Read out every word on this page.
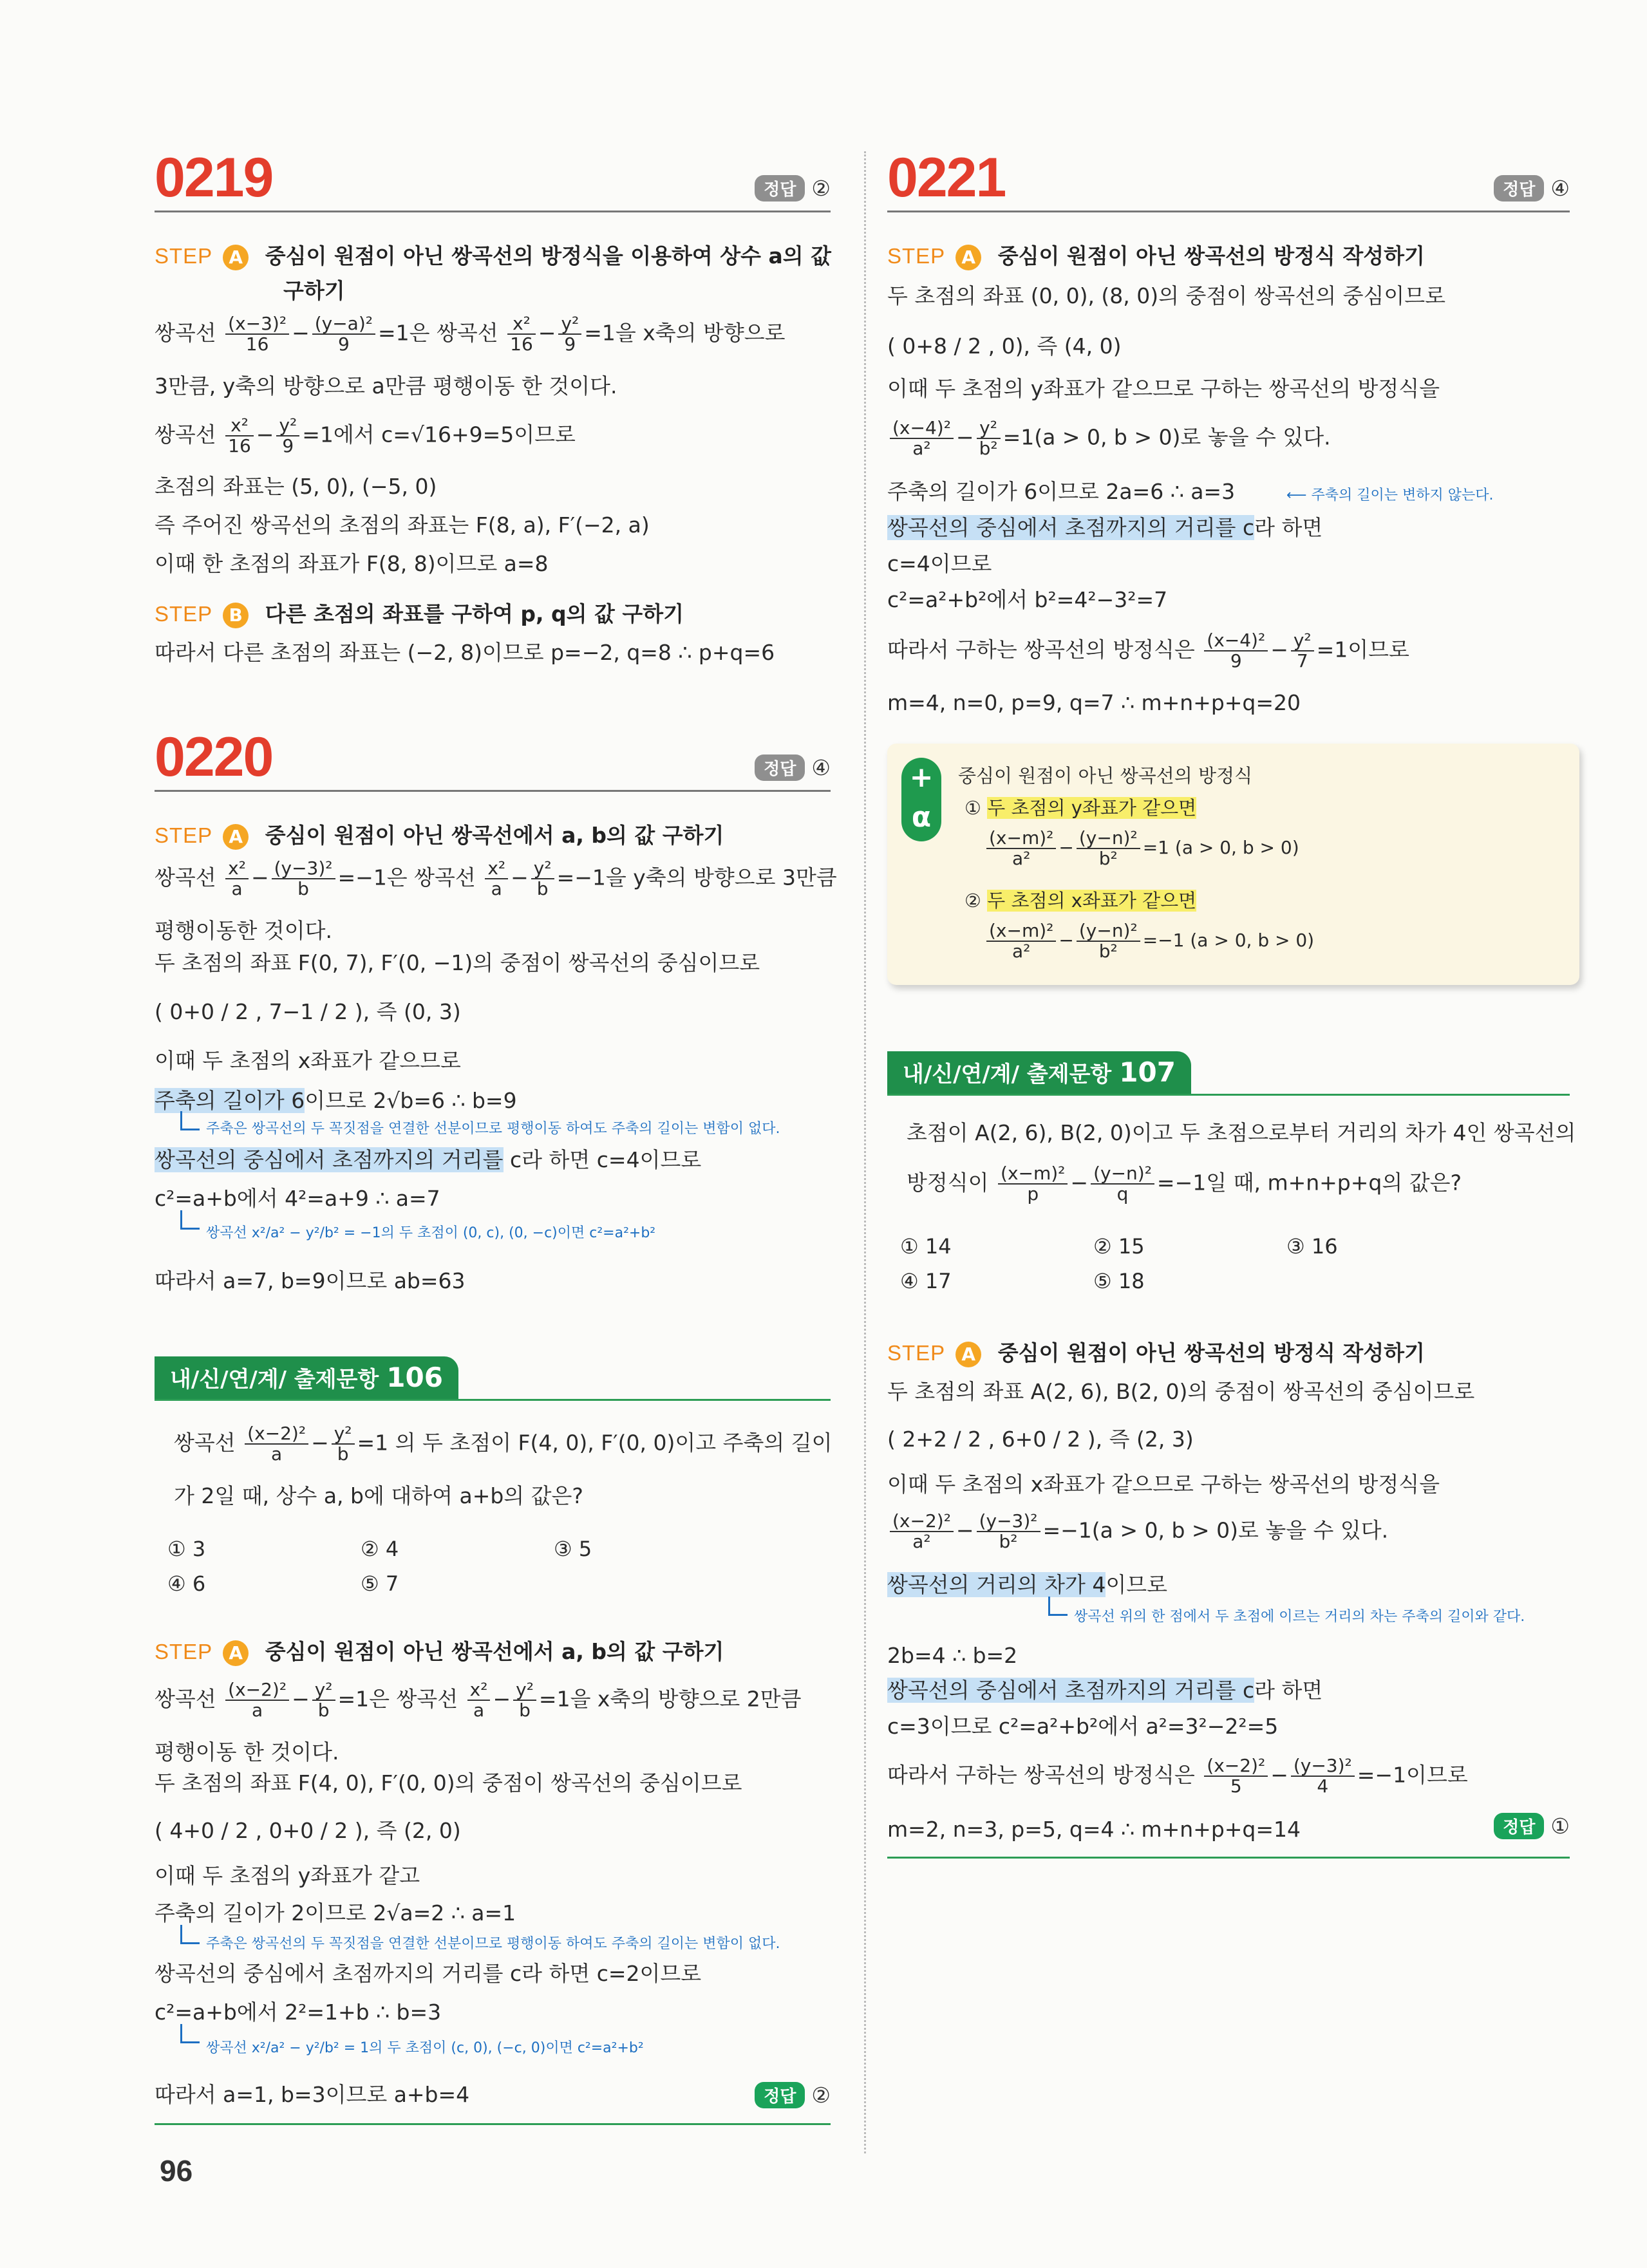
0219	정답 ②
STEP A 중심이 원점이 아닌 쌍곡선의 방정식을 이용하여 상수 a의 값
구하기
쌍곡선 $\frac{\text{(x−3)²}}{16} - \frac{\text{(y−a)²}}{9} =1$은 쌍곡선 $\frac{\text{x²}}{16} - \frac{\text{y²}}{9} =1$을 x축의 방향으로
3만큼, y축의 방향으로 a만큼 평행이동 한 것이다.
쌍곡선 $\frac{\text{x²}}{16} - \frac{\text{y²}}{9} =1$에서 c=√16+9=5이므로
초점의 좌표는 (5, 0), (−5, 0)
즉 주어진 쌍곡선의 초점의 좌표는 F(8, a), F′(−2, a)
이때 한 초점의 좌표가 F(8, 8)이므로 a=8
STEP B 다른 초점의 좌표를 구하여 p, q의 값 구하기
따라서 다른 초점의 좌표는 (−2, 8)이므로 p=−2, q=8 ∴ p+q=6
0220	정답 ④
STEP A 중심이 원점이 아닌 쌍곡선에서 a, b의 값 구하기
쌍곡선 $\frac{\text{x²}}{a} - \frac{\text{(y−3)²}}{b} =-1$은 쌍곡선 $\frac{\text{x²}}{a} - \frac{\text{y²}}{b} =-1$을 y축의 방향으로 3만큼
평행이동한 것이다.
두 초점의 좌표 F(0, 7), F′(0, −1)의 중점이 쌍곡선의 중심이므로
( 0+0 / 2 , 7−1 / 2 ), 즉 (0, 3)
이때 두 초점의 x좌표가 같으므로
주축의 길이가 6이므로 2√b=6 ∴ b=9
주축은 쌍곡선의 두 꼭짓점을 연결한 선분이므로 평행이동 하여도 주축의 길이는 변함이 없다.
쌍곡선의 중심에서 초점까지의 거리를 c라 하면 c=4이므로
c²=a+b에서 4²=a+9 ∴ a=7
쌍곡선 x²/a² − y²/b² = −1의 두 초점이 (0, c), (0, −c)이면 c²=a²+b²
따라서 a=7, b=9이므로 ab=63
내/신/연/계/ 출제문항 106
쌍곡선 $\frac{\text{(x−2)²}}{a} - \frac{\text{y²}}{b} =1$ 의 두 초점이 F(4, 0), F′(0, 0)이고 주축의 길이
가 2일 때, 상수 a, b에 대하여 a+b의 값은?
① 3	② 4	③ 5
④ 6	⑤ 7
STEP A 중심이 원점이 아닌 쌍곡선에서 a, b의 값 구하기
쌍곡선 $\frac{\text{(x−2)²}}{a} - \frac{\text{y²}}{b} =1$은 쌍곡선 $\frac{\text{x²}}{a} - \frac{\text{y²}}{b} =1$을 x축의 방향으로 2만큼
평행이동 한 것이다.
두 초점의 좌표 F(4, 0), F′(0, 0)의 중점이 쌍곡선의 중심이므로
( 4+0 / 2 , 0+0 / 2 ), 즉 (2, 0)
이때 두 초점의 y좌표가 같고
주축의 길이가 2이므로 2√a=2 ∴ a=1
주축은 쌍곡선의 두 꼭짓점을 연결한 선분이므로 평행이동 하여도 주축의 길이는 변함이 없다.
쌍곡선의 중심에서 초점까지의 거리를 c라 하면 c=2이므로
c²=a+b에서 2²=1+b ∴ b=3
쌍곡선 x²/a² − y²/b² = 1의 두 초점이 (c, 0), (−c, 0)이면 c²=a²+b²
따라서 a=1, b=3이므로 a+b=4	정답 ②
96
0221	정답 ④
STEP A 중심이 원점이 아닌 쌍곡선의 방정식 작성하기
두 초점의 좌표 (0, 0), (8, 0)의 중점이 쌍곡선의 중심이므로
( 0+8 / 2 , 0), 즉 (4, 0)
이때 두 초점의 y좌표가 같으므로 구하는 쌍곡선의 방정식을
$\frac{\text{(x−4)²}}{\text{a²}} - \frac{\text{y²}}{\text{b²}} =1(a > 0$, b > 0)로 놓을 수 있다.
주축의 길이가 6이므로 2a=6 ∴ a=3	⟵ 주축의 길이는 변하지 않는다.
쌍곡선의 중심에서 초점까지의 거리를 c라 하면
c=4이므로
c²=a²+b²에서 b²=4²−3²=7
따라서 구하는 쌍곡선의 방정식은 $\frac{\text{(x−4)²}}{9} - \frac{\text{y²}}{7} =1$이므로
m=4, n=0, p=9, q=7 ∴ m+n+p+q=20
+
α
중심이 원점이 아닌 쌍곡선의 방정식
① 두 초점의 y좌표가 같으면
$\frac{\text{(x−m)²}}{\text{a²}} - \frac{\text{(y−n)²}}{\text{b²}} =1$ (a > 0, b > 0)
② 두 초점의 x좌표가 같으면
$\frac{\text{(x−m)²}}{\text{a²}} - \frac{\text{(y−n)²}}{\text{b²}} =-1$ (a > 0, b > 0)
내/신/연/계/ 출제문항 107
초점이 A(2, 6), B(2, 0)이고 두 초점으로부터 거리의 차가 4인 쌍곡선의
방정식이 $\frac{\text{(x−m)²}}{p} - \frac{\text{(y−n)²}}{q} =-1$일 때, m+n+p+q의 값은?
① 14	② 15	③ 16
④ 17	⑤ 18
STEP A 중심이 원점이 아닌 쌍곡선의 방정식 작성하기
두 초점의 좌표 A(2, 6), B(2, 0)의 중점이 쌍곡선의 중심이므로
( 2+2 / 2 , 6+0 / 2 ), 즉 (2, 3)
이때 두 초점의 x좌표가 같으므로 구하는 쌍곡선의 방정식을
$\frac{\text{(x−2)²}}{\text{a²}} - \frac{\text{(y−3)²}}{\text{b²}} =-1(a > 0$, b > 0)로 놓을 수 있다.
쌍곡선의 거리의 차가 4이므로
쌍곡선 위의 한 점에서 두 초점에 이르는 거리의 차는 주축의 길이와 같다.
2b=4 ∴ b=2
쌍곡선의 중심에서 초점까지의 거리를 c라 하면
c=3이므로 c²=a²+b²에서 a²=3²−2²=5
따라서 구하는 쌍곡선의 방정식은 $\frac{\text{(x−2)²}}{5} - \frac{\text{(y−3)²}}{4} =-1$이므로
m=2, n=3, p=5, q=4 ∴ m+n+p+q=14	정답 ①
